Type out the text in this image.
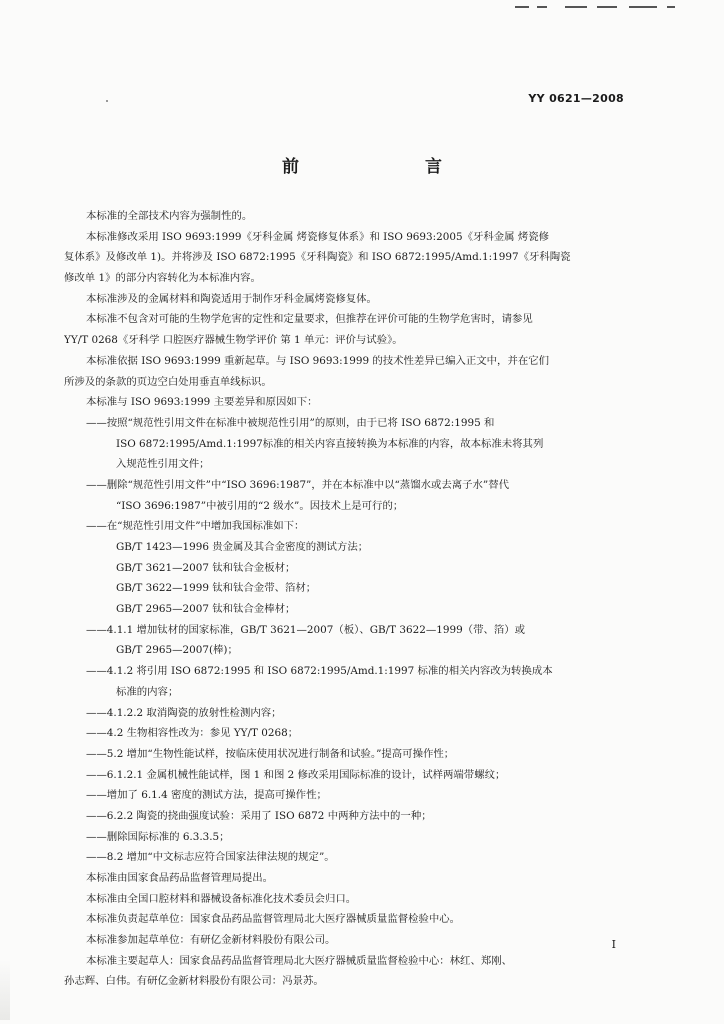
YY 0621—2008
前 言
本标准的全部技术内容为强制性的。
本标准修改采用 ISO 9693:1999《牙科金属 烤瓷修复体系》和 ISO 9693:2005《牙科金属 烤瓷修
复体系》及修改单 1)。并将涉及 ISO 6872:1995《牙科陶瓷》和 ISO 6872:1995/Amd.1:1997《牙科陶瓷
修改单 1》的部分内容转化为本标准内容。
本标准涉及的金属材料和陶瓷适用于制作牙科金属烤瓷修复体。
本标准不包含对可能的生物学危害的定性和定量要求，但推荐在评价可能的生物学危害时，请参见
YY/T 0268《牙科学 口腔医疗器械生物学评价 第 1 单元：评价与试验》。
本标准依据 ISO 9693:1999 重新起草。与 ISO 9693:1999 的技术性差异已编入正文中，并在它们
所涉及的条款的页边空白处用垂直单线标识。
本标准与 ISO 9693:1999 主要差异和原因如下：
——按照“规范性引用文件在标准中被规范性引用”的原则，由于已将 ISO 6872:1995 和
ISO 6872:1995/Amd.1:1997标准的相关内容直接转换为本标准的内容，故本标准未将其列
入规范性引用文件；
——删除“规范性引用文件”中“ISO 3696:1987”，并在本标准中以“蒸馏水或去离子水”替代
“ISO 3696:1987”中被引用的“2 级水”。因技术上是可行的；
——在“规范性引用文件”中增加我国标准如下：
GB/T 1423—1996 贵金属及其合金密度的测试方法；
GB/T 3621—2007 钛和钛合金板材；
GB/T 3622—1999 钛和钛合金带、箔材；
GB/T 2965—2007 钛和钛合金棒材；
——4.1.1 增加钛材的国家标准，GB/T 3621—2007（板）、GB/T 3622—1999（带、箔）或
GB/T 2965—2007(棒)；
——4.1.2 将引用 ISO 6872:1995 和 ISO 6872:1995/Amd.1:1997 标准的相关内容改为转换成本
标准的内容；
——4.1.2.2 取消陶瓷的放射性检测内容；
——4.2 生物相容性改为：参见 YY/T 0268；
——5.2 增加“生物性能试样，按临床使用状况进行制备和试验。”提高可操作性；
——6.1.2.1 金属机械性能试样，图 1 和图 2 修改采用国际标准的设计，试样两端带螺纹；
——增加了 6.1.4 密度的测试方法，提高可操作性；
——6.2.2 陶瓷的挠曲强度试验：采用了 ISO 6872 中两种方法中的一种；
——删除国际标准的 6.3.3.5；
——8.2 增加“中文标志应符合国家法律法规的规定”。
本标准由国家食品药品监督管理局提出。
本标准由全国口腔材料和器械设备标准化技术委员会归口。
本标准负责起草单位：国家食品药品监督管理局北大医疗器械质量监督检验中心。
本标准参加起草单位：有研亿金新材料股份有限公司。
本标准主要起草人：国家食品药品监督管理局北大医疗器械质量监督检验中心：林红、郑刚、
孙志辉、白伟。有研亿金新材料股份有限公司：冯景苏。
I
